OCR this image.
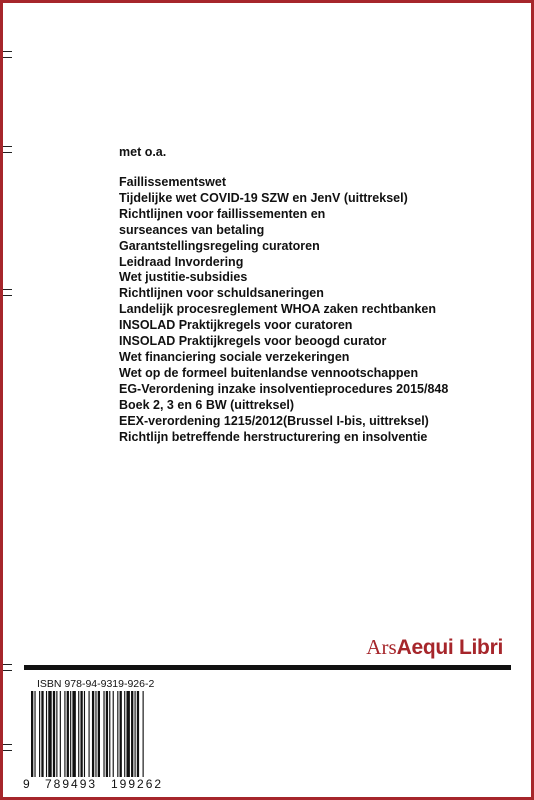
met o.a.

Faillissementswet
Tijdelijke wet COVID-19 SZW en JenV (uittreksel)
Richtlijnen voor faillissementen en
surseances van betaling
Garantstellingsregeling curatoren
Leidraad Invordering
Wet justitie-subsidies
Richtlijnen voor schuldsaneringen
Landelijk procesreglement WHOA zaken rechtbanken
INSOLAD Praktijkregels voor curatoren
INSOLAD Praktijkregels voor beoogd curator
Wet financiering sociale verzekeringen
Wet op de formeel buitenlandse vennootschappen
EG-Verordening inzake insolventieprocedures 2015/848
Boek 2, 3 en 6 BW (uittreksel)
EEX-verordening 1215/2012(Brussel I-bis, uittreksel)
Richtlijn betreffende herstructurering en insolventie
ArsAequi Libri
ISBN 978-94-9319-926-2
9 789493 199262
